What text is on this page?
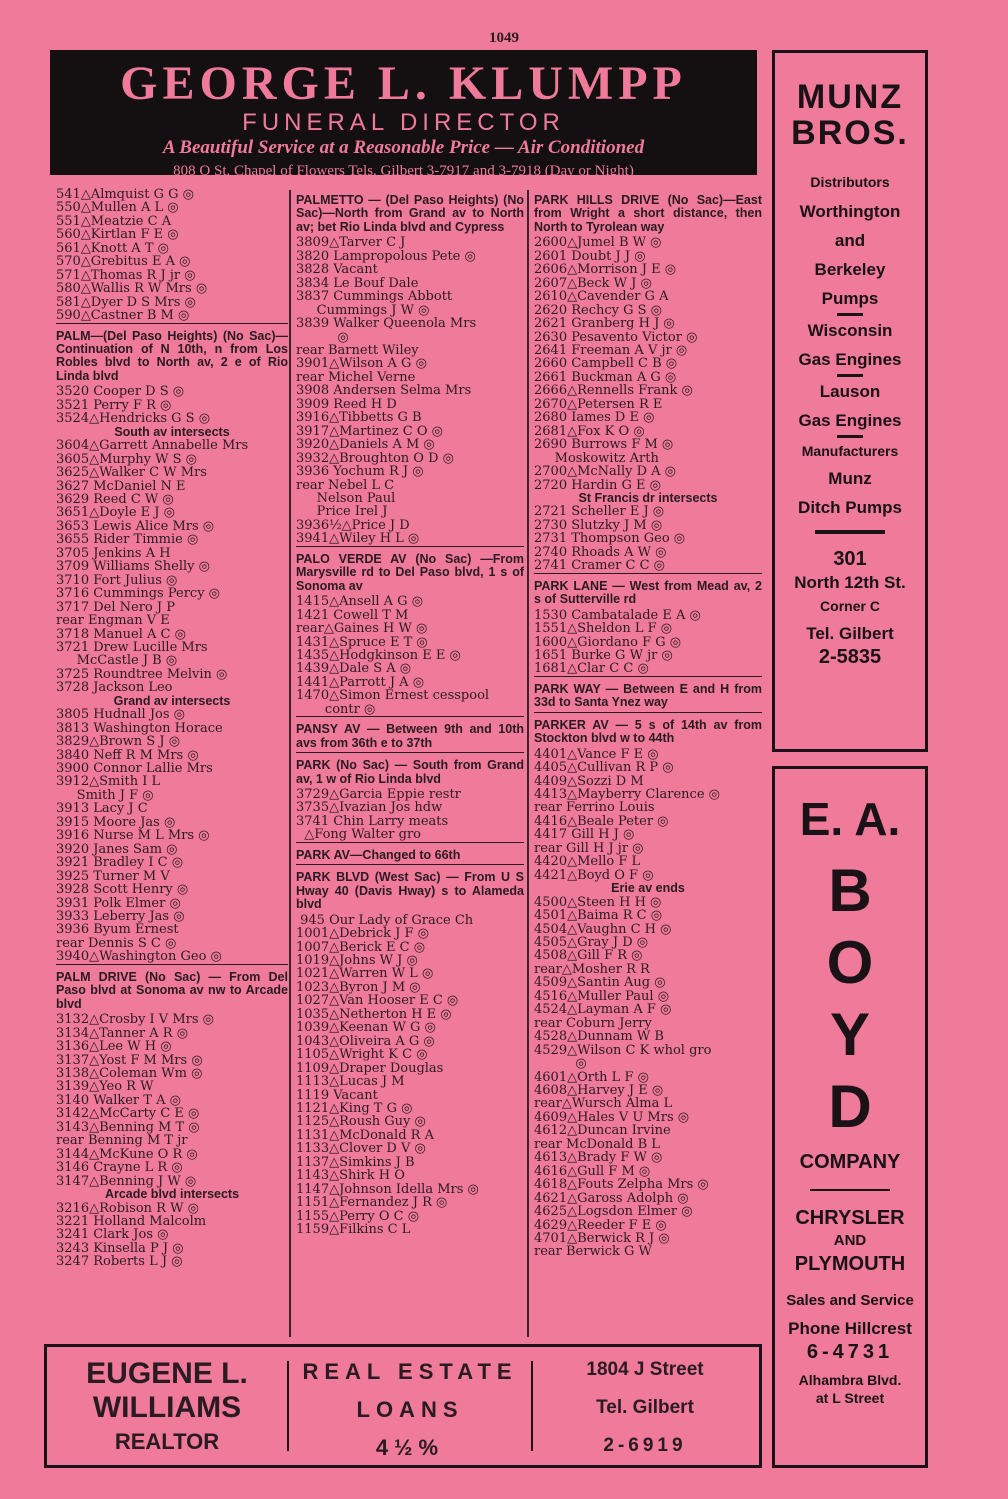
1049
GEORGE L. KLUMPP
FUNERAL DIRECTOR
A Beautiful Service at a Reasonable Price — Air Conditioned
808 O St. Chapel of Flowers Tels. Gilbert 3-7917 and 3-7918 (Day or Night)
541△Almquist G G ◎
550△Mullen A L ◎
551△Meatzie C A
560△Kirtlan F E ◎
561△Knott A T ◎
570△Grebitus E A ◎
571△Thomas R J jr ◎
580△Wallis R W Mrs ◎
581△Dyer D S Mrs ◎
590△Castner B M ◎
PALM—(Del Paso Heights) (No Sac)—Continuation of N 10th, n from Los Robles blvd to North av, 2 e of Rio Linda blvd
3520 Cooper D S ◎
3521 Perry F R ◎
3524△Hendricks G S ◎
South av intersects
3604△Garrett Annabelle Mrs
3605△Murphy W S ◎
3625△Walker C W Mrs
3627 McDaniel N E
3629 Reed C W ◎
3651△Doyle E J ◎
3653 Lewis Alice Mrs ◎
3655 Rider Timmie ◎
3705 Jenkins A H
3709 Williams Shelly ◎
3710 Fort Julius ◎
3716 Cummings Percy ◎
3717 Del Nero J P
rear Engman V E
3718 Manuel A C ◎
3721 Drew Lucille Mrs
McCastle J B ◎
3725 Roundtree Melvin ◎
3728 Jackson Leo
Grand av intersects
3805 Hudnall Jos ◎
3813 Washington Horace
3829△Brown S J ◎
3840 Neff R M Mrs ◎
3900 Connor Lallie Mrs
3912△Smith I L
Smith J F ◎
3913 Lacy J C
3915 Moore Jas ◎
3916 Nurse M L Mrs ◎
3920 Janes Sam ◎
3921 Bradley I C ◎
3925 Turner M V
3928 Scott Henry ◎
3931 Polk Elmer ◎
3933 Leberry Jas ◎
3936 Byum Ernest
rear Dennis S C ◎
3940△Washington Geo ◎
PALM DRIVE (No Sac) — From Del Paso blvd at Sonoma av nw to Arcade blvd
3132△Crosby I V Mrs ◎
3134△Tanner A R ◎
3136△Lee W H ◎
3137△Yost F M Mrs ◎
3138△Coleman Wm ◎
3139△Yeo R W
3140 Walker T A ◎
3142△McCarty C E ◎
3143△Benning M T ◎
rear Benning M T jr
3144△McKune O R ◎
3146 Crayne L R ◎
3147△Benning J W ◎
Arcade blvd intersects
3216△Robison R W ◎
3221 Holland Malcolm
3241 Clark Jos ◎
3243 Kinsella P J ◎
3247 Roberts L J ◎
PALMETTO — (Del Paso Heights) (No Sac)—North from Grand av to North av; bet Rio Linda blvd and Cypress
3809△Tarver C J
3820 Lampropolous Pete ◎
3828 Vacant
3834 Le Bouf Dale
3837 Cummings Abbott
Cummings J W ◎
3839 Walker Queenola Mrs
◎
rear Barnett Wiley
3901△Wilson A G ◎
rear Michel Verne
3908 Andersen Selma Mrs
3909 Reed H D
3916△Tibbetts G B
3917△Martinez C O ◎
3920△Daniels A M ◎
3932△Broughton O D ◎
3936 Yochum R J ◎
rear Nebel L C
Nelson Paul
Price Irel J
3936½△Price J D
3941△Wiley H L ◎
PALO VERDE AV (No Sac) —From Marysville rd to Del Paso blvd, 1 s of Sonoma av
1415△Ansell A G ◎
1421 Cowell T M
rear△Gaines H W ◎
1431△Spruce E T ◎
1435△Hodgkinson E E ◎
1439△Dale S A ◎
1441△Parrott J A ◎
1470△Simon Ernest cesspool
contr ◎
PANSY AV — Between 9th and 10th avs from 36th e to 37th
PARK (No Sac) — South from Grand av, 1 w of Rio Linda blvd
3729△Garcia Eppie restr
3735△Ivazian Jos hdw
3741 Chin Larry meats
△Fong Walter gro
PARK AV—Changed to 66th
PARK BLVD (West Sac) — From U S Hway 40 (Davis Hway) s to Alameda blvd
945 Our Lady of Grace Ch
1001△Debrick J F ◎
1007△Berick E C ◎
1019△Johns W J ◎
1021△Warren W L ◎
1023△Byron J M ◎
1027△Van Hooser E C ◎
1035△Netherton H E ◎
1039△Keenan W G ◎
1043△Oliveira A G ◎
1105△Wright K C ◎
1109△Draper Douglas
1113△Lucas J M
1119 Vacant
1121△King T G ◎
1125△Roush Guy ◎
1131△McDonald R A
1133△Clover D V ◎
1137△Simkins J B
1143△Shirk H O
1147△Johnson Idella Mrs ◎
1151△Fernandez J R ◎
1155△Perry O C ◎
1159△Filkins C L
PARK HILLS DRIVE (No Sac)—East from Wright a short distance, then North to Tyrolean way
2600△Jumel B W ◎
2601 Doubt J J ◎
2606△Morrison J E ◎
2607△Beck W J ◎
2610△Cavender G A
2620 Rechcy G S ◎
2621 Granberg H J ◎
2630 Pesavento Victor ◎
2641 Freeman A V jr ◎
2660 Campbell C B ◎
2661 Buckman A G ◎
2666△Rennells Frank ◎
2670△Petersen R E
2680 Iames D E ◎
2681△Fox K O ◎
2690 Burrows F M ◎
Moskowitz Arth
2700△McNally D A ◎
2720 Hardin G E ◎
St Francis dr intersects
2721 Scheller E J ◎
2730 Slutzky J M ◎
2731 Thompson Geo ◎
2740 Rhoads A W ◎
2741 Cramer C C ◎
PARK LANE — West from Mead av, 2 s of Sutterville rd
1530 Cambatalade E A ◎
1551△Sheldon L F ◎
1600△Giordano F G ◎
1651 Burke G W jr ◎
1681△Clar C C ◎
PARK WAY — Between E and H from 33d to Santa Ynez way
PARKER AV — 5 s of 14th av from Stockton blvd w to 44th
4401△Vance F E ◎
4405△Cullivan R P ◎
4409△Sozzi D M
4413△Mayberry Clarence ◎
rear Ferrino Louis
4416△Beale Peter ◎
4417 Gill H J ◎
rear Gill H J jr ◎
4420△Mello F L
4421△Boyd O F ◎
Erie av ends
4500△Steen H H ◎
4501△Baima R C ◎
4504△Vaughn C H ◎
4505△Gray J D ◎
4508△Gill F R ◎
rear△Mosher R R
4509△Santin Aug ◎
4516△Muller Paul ◎
4524△Layman A F ◎
rear Coburn Jerry
4528△Dunnam W B
4529△Wilson C K whol gro
◎
4601△Orth L F ◎
4608△Harvey J E ◎
rear△Wursch Alma L
4609△Hales V U Mrs ◎
4612△Duncan Irvine
rear McDonald B L
4613△Brady F W ◎
4616△Gull F M ◎
4618△Fouts Zelpha Mrs ◎
4621△Gaross Adolph ◎
4625△Logsdon Elmer ◎
4629△Reeder F E ◎
4701△Berwick R J ◎
rear Berwick G W
MUNZ
BROS.
Distributors
Worthington
and
Berkeley
Pumps
Wisconsin
Gas Engines
Lauson
Gas Engines
Manufacturers
Munz
Ditch Pumps
301
North 12th St.
Corner C
Tel. Gilbert
2-5835
E. A.
B
O
Y
D
COMPANY
CHRYSLER
AND
PLYMOUTH
Sales and Service
Phone Hillcrest
6-4731
Alhambra Blvd.
at L Street
EUGENE L.
WILLIAMS
REALTOR
REAL ESTATE
LOANS
4½%
1804 J Street
Tel. Gilbert
2-6919
